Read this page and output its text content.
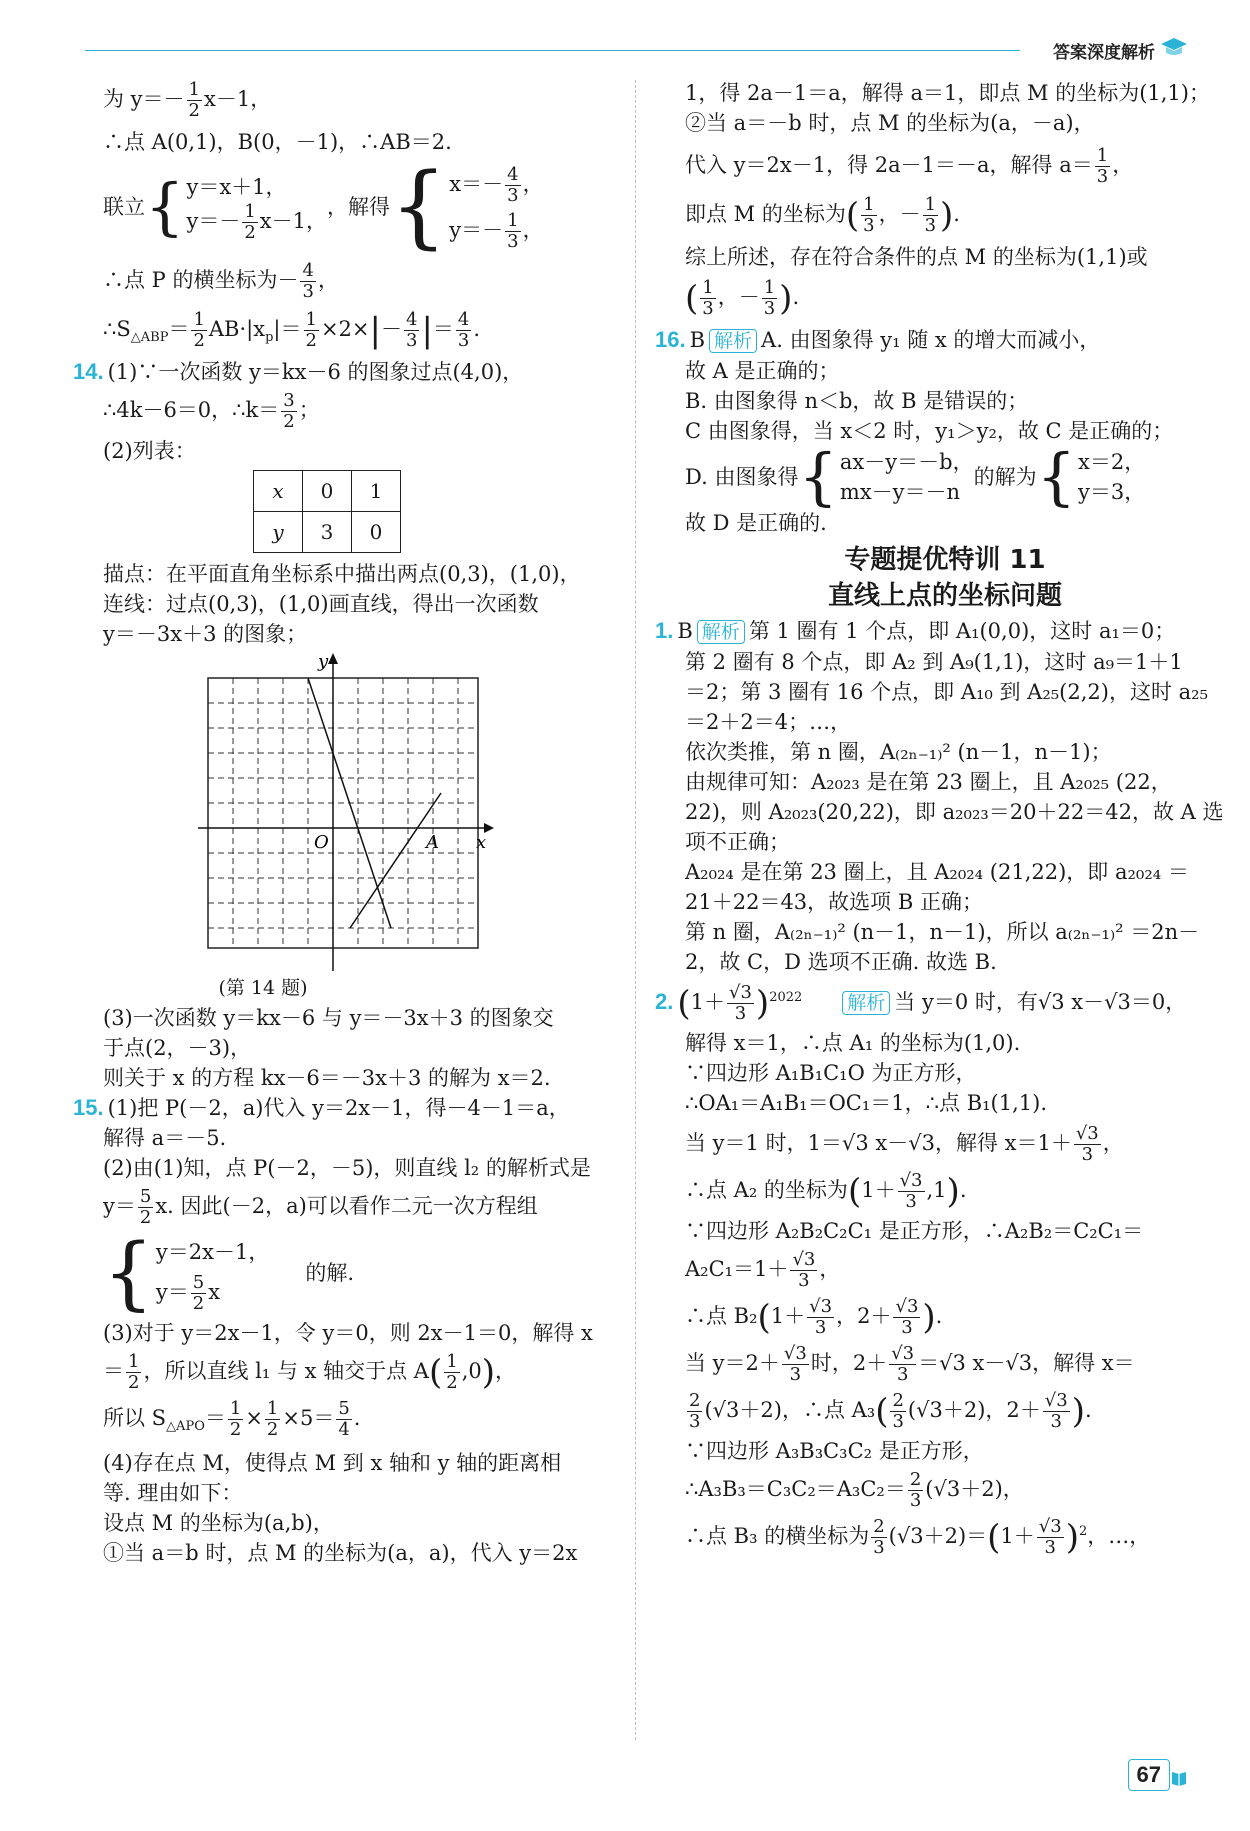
答案深度解析

为 $y=- \frac{1}{2} x-1$，

∴点 A(0,1)，B(0，－1)，∴AB＝2.

联立 { y＝x＋1，
$y=- \frac{1}{2} x-1$，
，解得 { $x=- \frac{4}{3}$ ，
$y=- \frac{1}{3}$ ，

∴点 P 的横坐标为－ $\frac{4}{3}$ ，

$\therefore S_{\triangle ABP}= \frac{1}{2} AB\cdot|x_p|= \frac{1}{2} \times 2\times|- \frac{4}{3}$ |＝ $\frac{4}{3}$ .

14. (1)∵一次函数 y＝kx－6 的图象过点(4,0)，

∴4k－6＝0，∴k＝ $\frac{3}{2}$ ；

(2)列表：

x	0	1
y	3	0

描点：在平面直角坐标系中描出两点(0,3)，(1,0)，

连线：过点(0,3)，(1,0)画直线，得出一次函数

y＝－3x＋3 的图象；

y
x
O	A

(第 14 题)

(3)一次函数 y＝kx－6 与 y＝－3x＋3 的图象交

于点(2，－3)，

则关于 x 的方程 kx－6＝－3x＋3 的解为 x＝2.

15. (1)把 P(－2，a)代入 y＝2x－1，得－4－1＝a，

解得 a＝－5.

(2)由(1)知，点 P(－2，－5)，则直线 l₂ 的解析式是

$y= \frac{5}{2} x$. 因此(－2，a)可以看作二元一次方程组

{ y＝2x－1，
$y= \frac{5}{2}$ x
的解.

(3)对于 y＝2x－1，令 y＝0，则 2x－1＝0，解得 x

＝ $\frac{1}{2}$ ，所以直线 l₁ 与 x 轴交于点 $A( \frac{1}{2} ,0)$，

所以 $S_{\triangle APO}= \frac{1}{2} \times \frac{1}{2} \times 5= \frac{5}{4}$ .

(4)存在点 M，使得点 M 到 x 轴和 y 轴的距离相

等. 理由如下：

设点 M 的坐标为(a,b)，

①当 a＝b 时，点 M 的坐标为(a，a)，代入 y＝2x

1，得 2a－1＝a，解得 a＝1，即点 M 的坐标为(1,1)；

②当 a＝－b 时，点 M 的坐标为(a，－a)，

代入 y＝2x－1，得 2a－1＝－a，解得 $a= \frac{1}{3}$ ，

即点 M 的坐标为( $\frac{1}{3}$ ，－ $\frac{1}{3}$ ).

综上所述，存在符合条件的点 M 的坐标为(1,1)或

( $\frac{1}{3}$ ，－ $\frac{1}{3}$ ).

16. B 解析 A. 由图象得 y₁ 随 x 的增大而减小，

故 A 是正确的；

B. 由图象得 n＜b，故 B 是错误的；

C 由图象得，当 x＜2 时，y₁＞y₂，故 C 是正确的；

D. 由图象得 { ax－y＝－b，
mx－y＝－n
的解为 { x＝2，
y＝3，

故 D 是正确的.

专题提优特训 11

直线上点的坐标问题

1. B 解析 第 1 圈有 1 个点，即 A₁(0,0)，这时 a₁＝0；

第 2 圈有 8 个点，即 A₂ 到 A₉(1,1)，这时 a₉＝1＋1

＝2；第 3 圈有 16 个点，即 A₁₀ 到 A₂₅(2,2)，这时 a₂₅

＝2＋2＝4；…，

依次类推，第 n 圈，A₍₂ₙ₋₁₎² (n－1，n－1)；

由规律可知：A₂₀₂₃ 是在第 23 圈上，且 A₂₀₂₅ (22，

22)，则 A₂₀₂₃(20,22)，即 a₂₀₂₃＝20＋22＝42，故 A 选

项不正确；

A₂₀₂₄ 是在第 23 圈上，且 A₂₀₂₄ (21,22)，即 a₂₀₂₄ ＝

21＋22＝43，故选项 B 正确；

第 n 圈，A₍₂ₙ₋₁₎² (n－1，n－1)，所以 a₍₂ₙ₋₁₎² ＝2n－

2，故 C，D 选项不正确. 故选 B.

2. $(1+ \frac{√3}{3} )^{2022}$ 解析 当 y＝0 时，有√3 x－√3＝0，

解得 x＝1，∴点 A₁ 的坐标为(1,0).

∵四边形 A₁B₁C₁O 为正方形，

∴OA₁＝A₁B₁＝OC₁＝1，∴点 B₁(1,1).

当 y＝1 时，1＝√3 x－√3，解得 $x=1+ \frac{√3}{3}$ ，

∴点 A₂ 的坐标为$(1+ \frac{√3}{3} ,1)$.

∵四边形 A₂B₂C₂C₁ 是正方形，∴A₂B₂＝C₂C₁＝

$A_2C_1=1+ \frac{√3}{3}$ ，

∴点 $B_2(1+ \frac{√3}{3}$ ，$2+ \frac{√3}{3}$ ).

当 $y=2+ \frac{√3}{3}$ 时，$2+ \frac{√3}{3} =√3$ x－√3，解得 x＝

$\frac{2}{3} (√3+2)$，∴点 $A_3( \frac{2}{3} (√3+2)$，$2+ \frac{√3}{3}$ ).

∵四边形 A₃B₃C₃C₂ 是正方形，

∴A₃B₃＝C₃C₂＝A₃C₂＝ $\frac{2}{3} (√3+2)$，

∴点 B₃ 的横坐标为 $\frac{2}{3} (√3+2)=(1+ \frac{√3}{3} )^2$，…，

67
